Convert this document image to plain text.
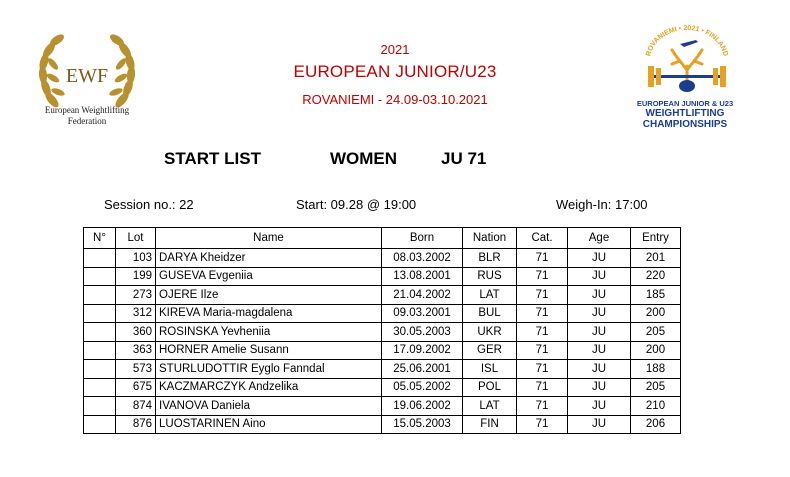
EWF
European Weightlifting
Federation
2021
EUROPEAN JUNIOR/U23
ROVANIEMI - 24.09-03.10.2021
ROVANIEMI • 2021 • FINLAND
EUROPEAN JUNIOR & U23
WEIGHTLIFTING
CHAMPIONSHIPS
START LIST	WOMEN	JU 71
Session no.: 22	Start: 09.28 @ 19:00	Weigh-In: 17:00
N°	Lot	Name	Born	Nation	Cat.	Age	Entry
	103	DARYA Kheidzer	08.03.2002	BLR	71	JU	201
	199	GUSEVA Evgeniia	13.08.2001	RUS	71	JU	220
	273	OJERE Ilze	21.04.2002	LAT	71	JU	185
	312	KIREVA Maria-magdalena	09.03.2001	BUL	71	JU	200
	360	ROSINSKA Yevheniia	30.05.2003	UKR	71	JU	205
	363	HORNER Amelie Susann	17.09.2002	GER	71	JU	200
	573	STURLUDOTTIR Eyglo Fanndal	25.06.2001	ISL	71	JU	188
	675	KACZMARCZYK Andzelika	05.05.2002	POL	71	JU	205
	874	IVANOVA Daniela	19.06.2002	LAT	71	JU	210
	876	LUOSTARINEN Aino	15.05.2003	FIN	71	JU	206
